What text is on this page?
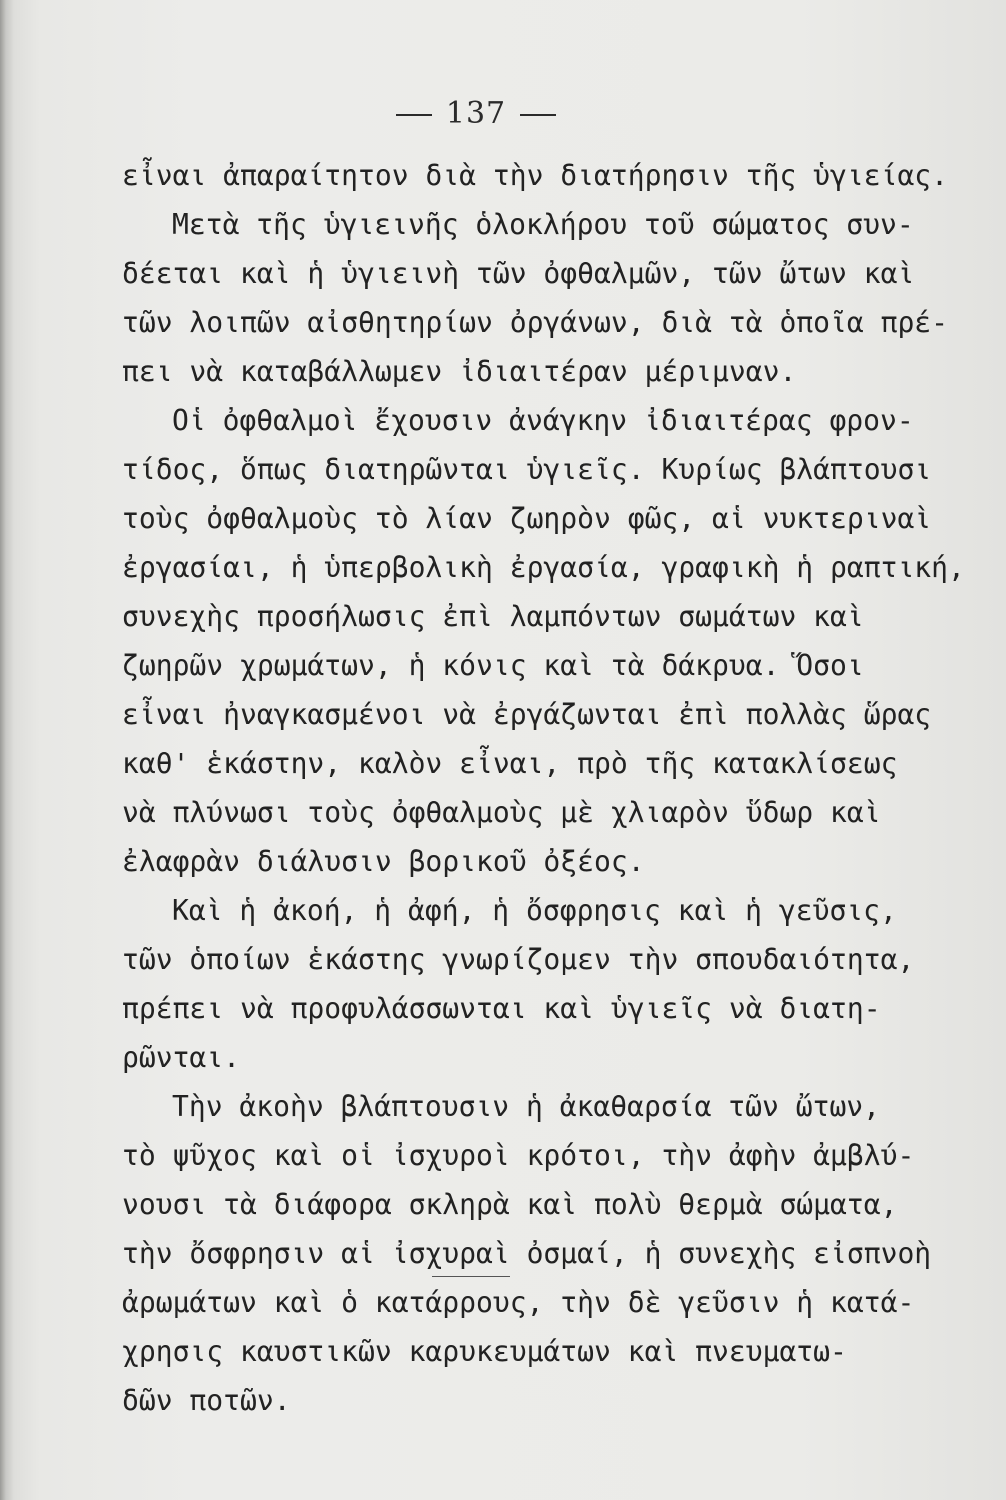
137
εἶναι ἀπαραίτητον διὰ τὴν διατήρησιν τῆς ὑγιείας.
Μετὰ τῆς ὑγιεινῆς ὁλοκλήρου τοῦ σώματος συν-
δέεται καὶ ἡ ὑγιεινὴ τῶν ὀφθαλμῶν, τῶν ὤτων καὶ
τῶν λοιπῶν αἰσθητηρίων ὀργάνων, διὰ τὰ ὁποῖα πρέ-
πει νὰ καταβάλλωμεν ἰδιαιτέραν μέριμναν.
Οἱ ὀφθαλμοὶ ἔχουσιν ἀνάγκην ἰδιαιτέρας φρον-
τίδος, ὅπως διατηρῶνται ὑγιεῖς. Κυρίως βλάπτουσι
τοὺς ὀφθαλμοὺς τὸ λίαν ζωηρὸν φῶς, αἱ νυκτεριναὶ
ἐργασίαι, ἡ ὑπερβολικὴ ἐργασία, γραφικὴ ἡ ραπτική,
συνεχὴς προσήλωσις ἐπὶ λαμπόντων σωμάτων καὶ
ζωηρῶν χρωμάτων, ἡ κόνις καὶ τὰ δάκρυα. Ὅσοι
εἶναι ἠναγκασμένοι νὰ ἐργάζωνται ἐπὶ πολλὰς ὥρας
καθ' ἑκάστην, καλὸν εἶναι, πρὸ τῆς κατακλίσεως
νὰ πλύνωσι τοὺς ὀφθαλμοὺς μὲ χλιαρὸν ὕδωρ καὶ
ἐλαφρὰν διάλυσιν βορικοῦ ὀξέος.
Καὶ ἡ ἀκοή, ἡ ἀφή, ἡ ὄσφρησις καὶ ἡ γεῦσις,
τῶν ὁποίων ἑκάστης γνωρίζομεν τὴν σπουδαιότητα,
πρέπει νὰ προφυλάσσωνται καὶ ὑγιεῖς νὰ διατη-
ρῶνται.
Τὴν ἀκοὴν βλάπτουσιν ἡ ἀκαθαρσία τῶν ὤτων,
τὸ ψῦχος καὶ οἱ ἰσχυροὶ κρότοι, τὴν ἀφὴν ἀμβλύ-
νουσι τὰ διάφορα σκληρὰ καὶ πολὺ θερμὰ σώματα,
τὴν ὄσφρησιν αἱ ἰσχυραὶ ὀσμαί, ἡ συνεχὴς εἰσπνοὴ
ἀρωμάτων καὶ ὁ κατάρρους, τὴν δὲ γεῦσιν ἡ κατά-
χρησις καυστικῶν καρυκευμάτων καὶ πνευματω-
δῶν ποτῶν.
